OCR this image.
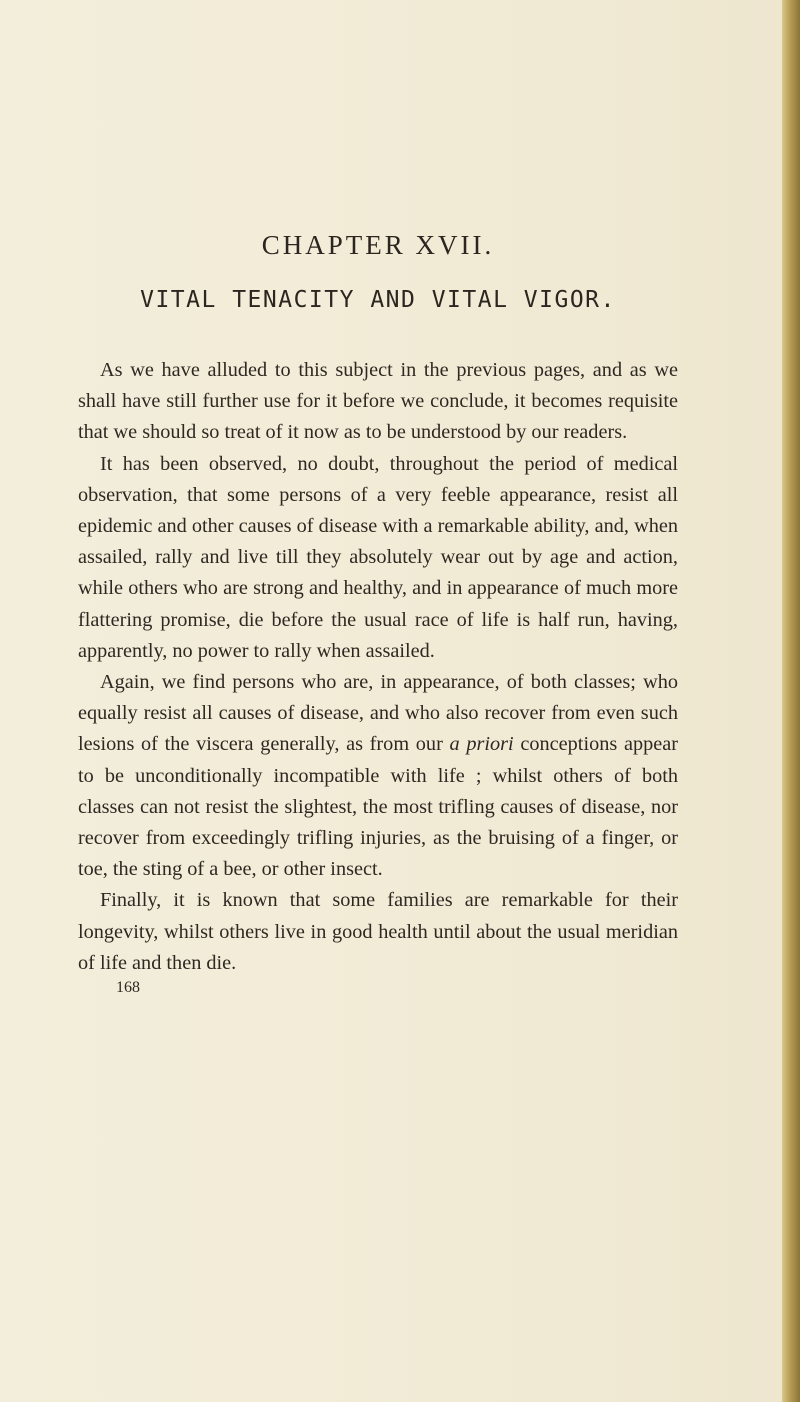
CHAPTER XVII.
VITAL TENACITY AND VITAL VIGOR.

As we have alluded to this subject in the previous pages, and as we shall have still further use for it before we conclude, it becomes requisite that we should so treat of it now as to be understood by our readers.

It has been observed, no doubt, throughout the period of medical observation, that some persons of a very feeble appearance, resist all epidemic and other causes of disease with a remarkable ability, and, when assailed, rally and live till they absolutely wear out by age and action, while others who are strong and healthy, and in appearance of much more flattering promise, die before the usual race of life is half run, having, apparently, no power to rally when assailed.

Again, we find persons who are, in appearance, of both classes; who equally resist all causes of disease, and who also recover from even such lesions of the viscera generally, as from our a priori conceptions appear to be unconditionally incompatible with life ; whilst others of both classes can not resist the slightest, the most trifling causes of disease, nor recover from exceedingly trifling injuries, as the bruising of a finger, or toe, the sting of a bee, or other insect.

Finally, it is known that some families are remarkable for their longevity, whilst others live in good health until about the usual meridian of life and then die.

168
